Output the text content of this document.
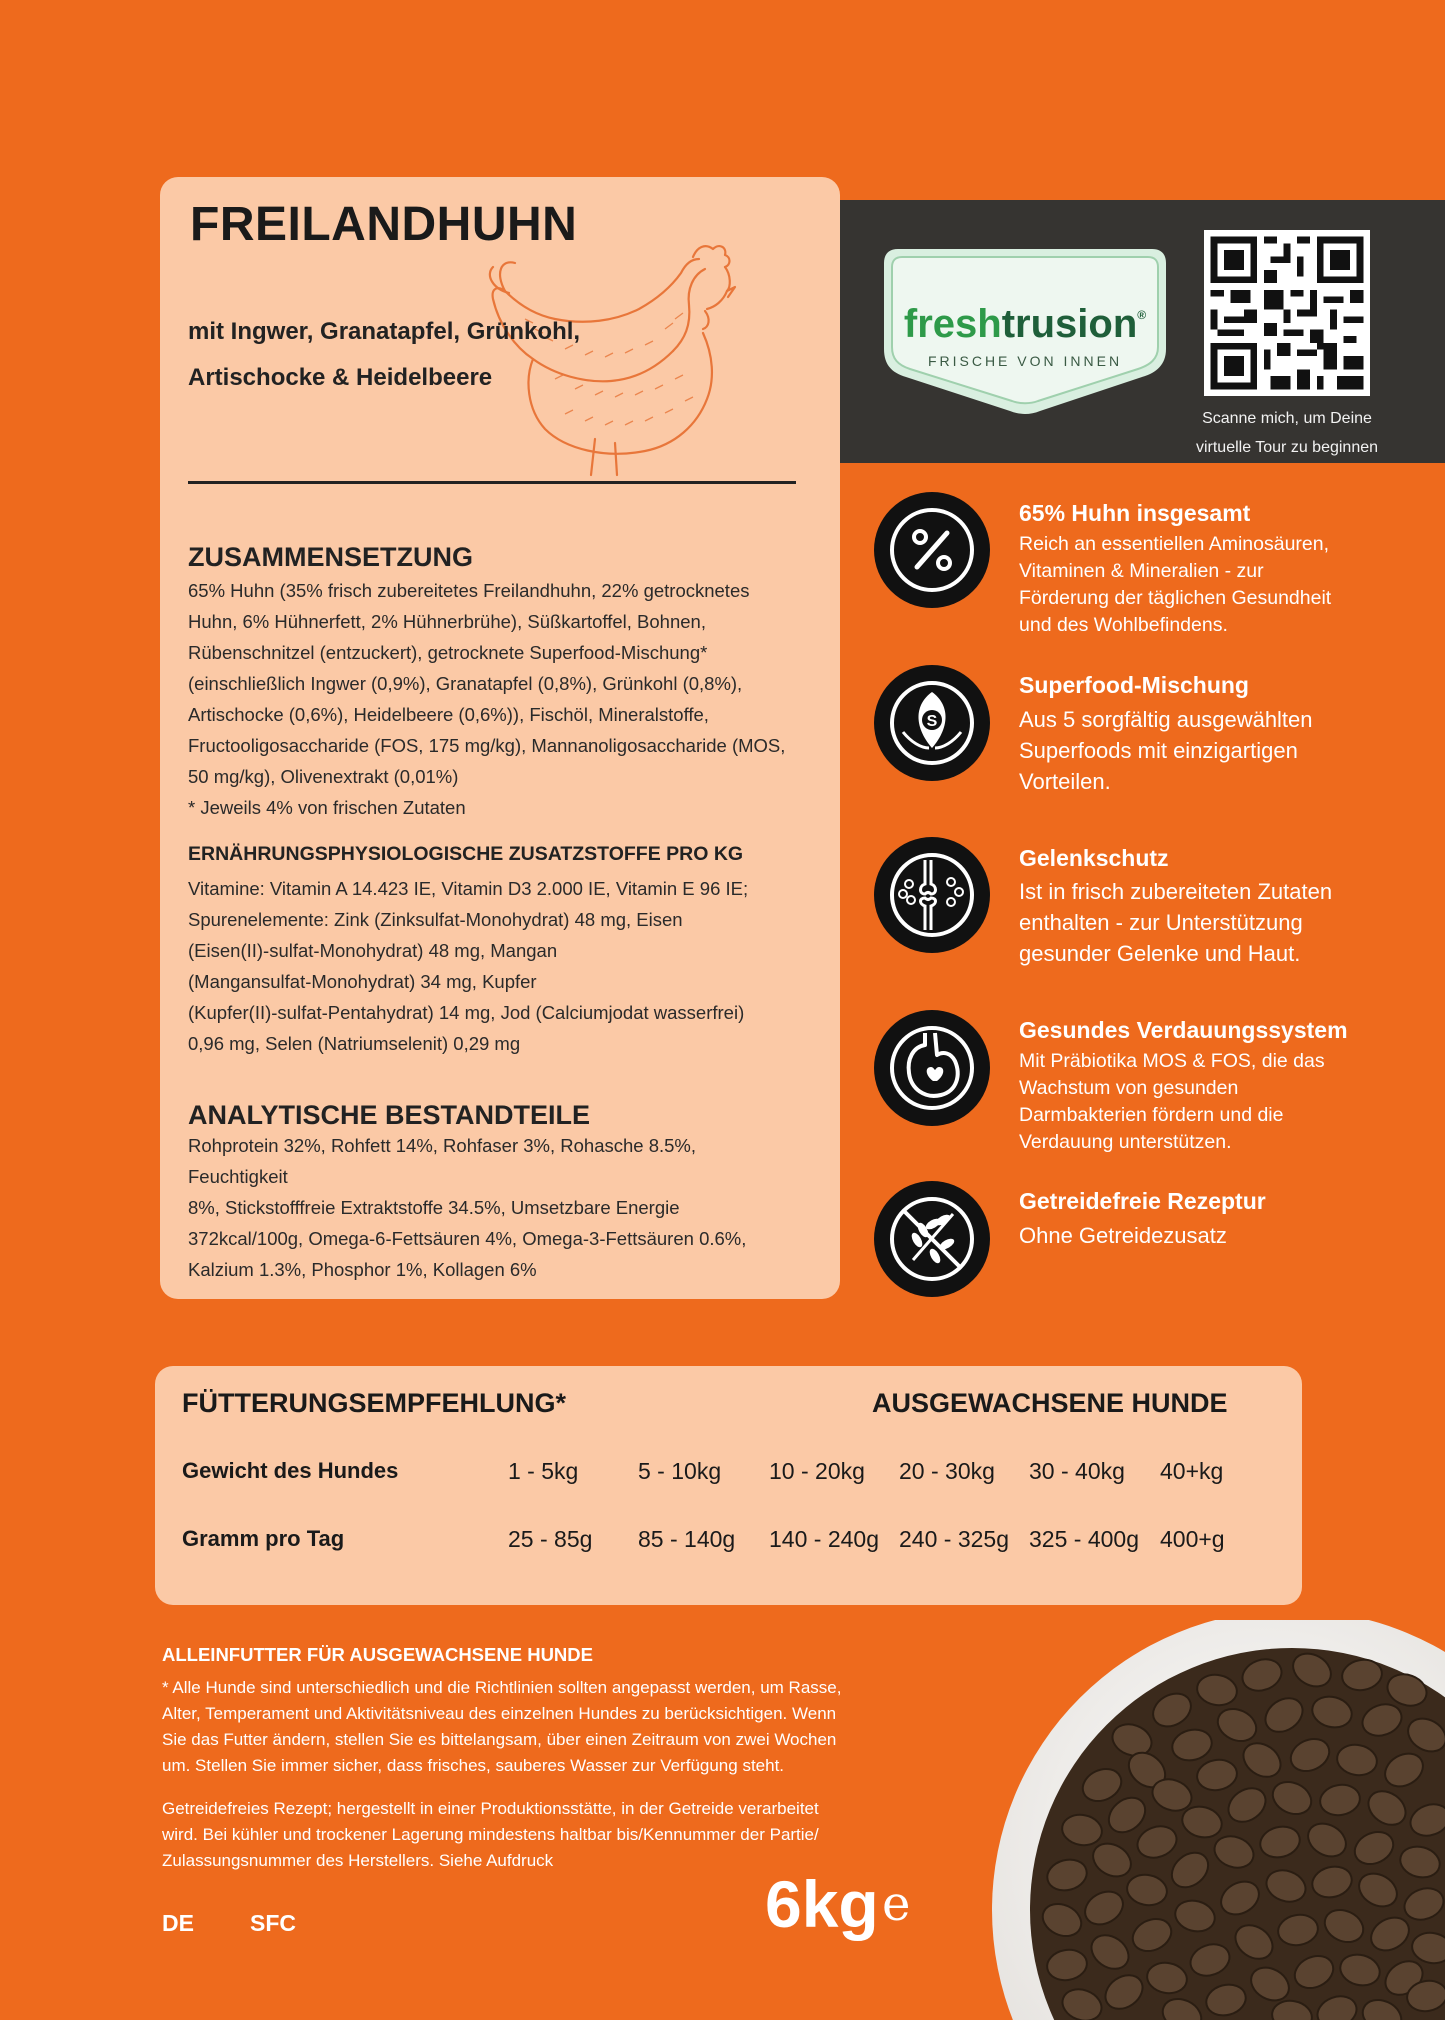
FREILANDHUHN
mit Ingwer, Granatapfel, Grünkohl,
Artischocke & Heidelbeere
ZUSAMMENSETZUNG

65% Huhn (35% frisch zubereitetes Freilandhuhn, 22% getrocknetes

Huhn, 6% Hühnerfett, 2% Hühnerbrühe), Süßkartoffel, Bohnen,

Rübenschnitzel (entzuckert), getrocknete Superfood-Mischung*

(einschließlich Ingwer (0,9%), Granatapfel (0,8%), Grünkohl (0,8%),

Artischocke (0,6%), Heidelbeere (0,6%)), Fischöl, Mineralstoffe,

Fructooligosaccharide (FOS, 175 mg/kg), Mannanoligosaccharide (MOS,

50 mg/kg), Olivenextrakt (0,01%)

* Jeweils 4% von frischen Zutaten

ERNÄHRUNGSPHYSIOLOGISCHE ZUSATZSTOFFE PRO KG

Vitamine: Vitamin A 14.423 IE, Vitamin D3 2.000 IE, Vitamin E 96 IE;

Spurenelemente: Zink (Zinksulfat-Monohydrat) 48 mg, Eisen

(Eisen(II)-sulfat-Monohydrat) 48 mg, Mangan

(Mangansulfat-Monohydrat) 34 mg, Kupfer

(Kupfer(II)-sulfat-Pentahydrat) 14 mg, Jod (Calciumjodat wasserfrei)

0,96 mg, Selen (Natriumselenit) 0,29 mg

ANALYTISCHE BESTANDTEILE

Rohprotein 32%, Rohfett 14%, Rohfaser 3%, Rohasche 8.5%, Feuchtigkeit

8%, Stickstofffreie Extraktstoffe 34.5%, Umsetzbare Energie

372kcal/100g, Omega-6-Fettsäuren 4%, Omega-3-Fettsäuren 0.6%,

Kalzium 1.3%, Phosphor 1%, Kollagen 6%

freshtrusion®
FRISCHE VON INNEN
Scanne mich, um Deine
virtuelle Tour zu beginnen
65% Huhn insgesamt
Reich an essentiellen Aminosäuren,
Vitaminen & Mineralien - zur
Förderung der täglichen Gesundheit
und des Wohlbefindens.
S
Superfood-Mischung
Aus 5 sorgfältig ausgewählten
Superfoods mit einzigartigen
Vorteilen.
Gelenkschutz
Ist in frisch zubereiteten Zutaten
enthalten - zur Unterstützung
gesunder Gelenke und Haut.
Gesundes Verdauungssystem
Mit Präbiotika MOS & FOS, die das
Wachstum von gesunden
Darmbakterien fördern und die
Verdauung unterstützen.
Getreidefreie Rezeptur
Ohne Getreidezusatz
FÜTTERUNGSEMPFEHLUNG*	AUSGEWACHSENE HUNDE
Gewicht des Hundes	1 - 5kg	5 - 10kg 10 - 20kg 20 - 30kg 30 - 40kg 40+kg
Gramm pro Tag	25 - 85g 85 - 140g 140 - 240g 240 - 325g 325 - 400g 400+g
ALLEINFUTTER FÜR AUSGEWACHSENE HUNDE
* Alle Hunde sind unterschiedlich und die Richtlinien sollten angepasst werden, um Rasse,
Alter, Temperament und Aktivitätsniveau des einzelnen Hundes zu berücksichtigen. Wenn
Sie das Futter ändern, stellen Sie es bittelangsam, über einen Zeitraum von zwei Wochen
um. Stellen Sie immer sicher, dass frisches, sauberes Wasser zur Verfügung steht.
Getreidefreies Rezept; hergestellt in einer Produktionsstätte, in der Getreide verarbeitet
wird. Bei kühler und trockener Lagerung mindestens haltbar bis/Kennummer der Partie/
Zulassungsnummer des Herstellers. Siehe Aufdruck
DE SFC	6kg e
